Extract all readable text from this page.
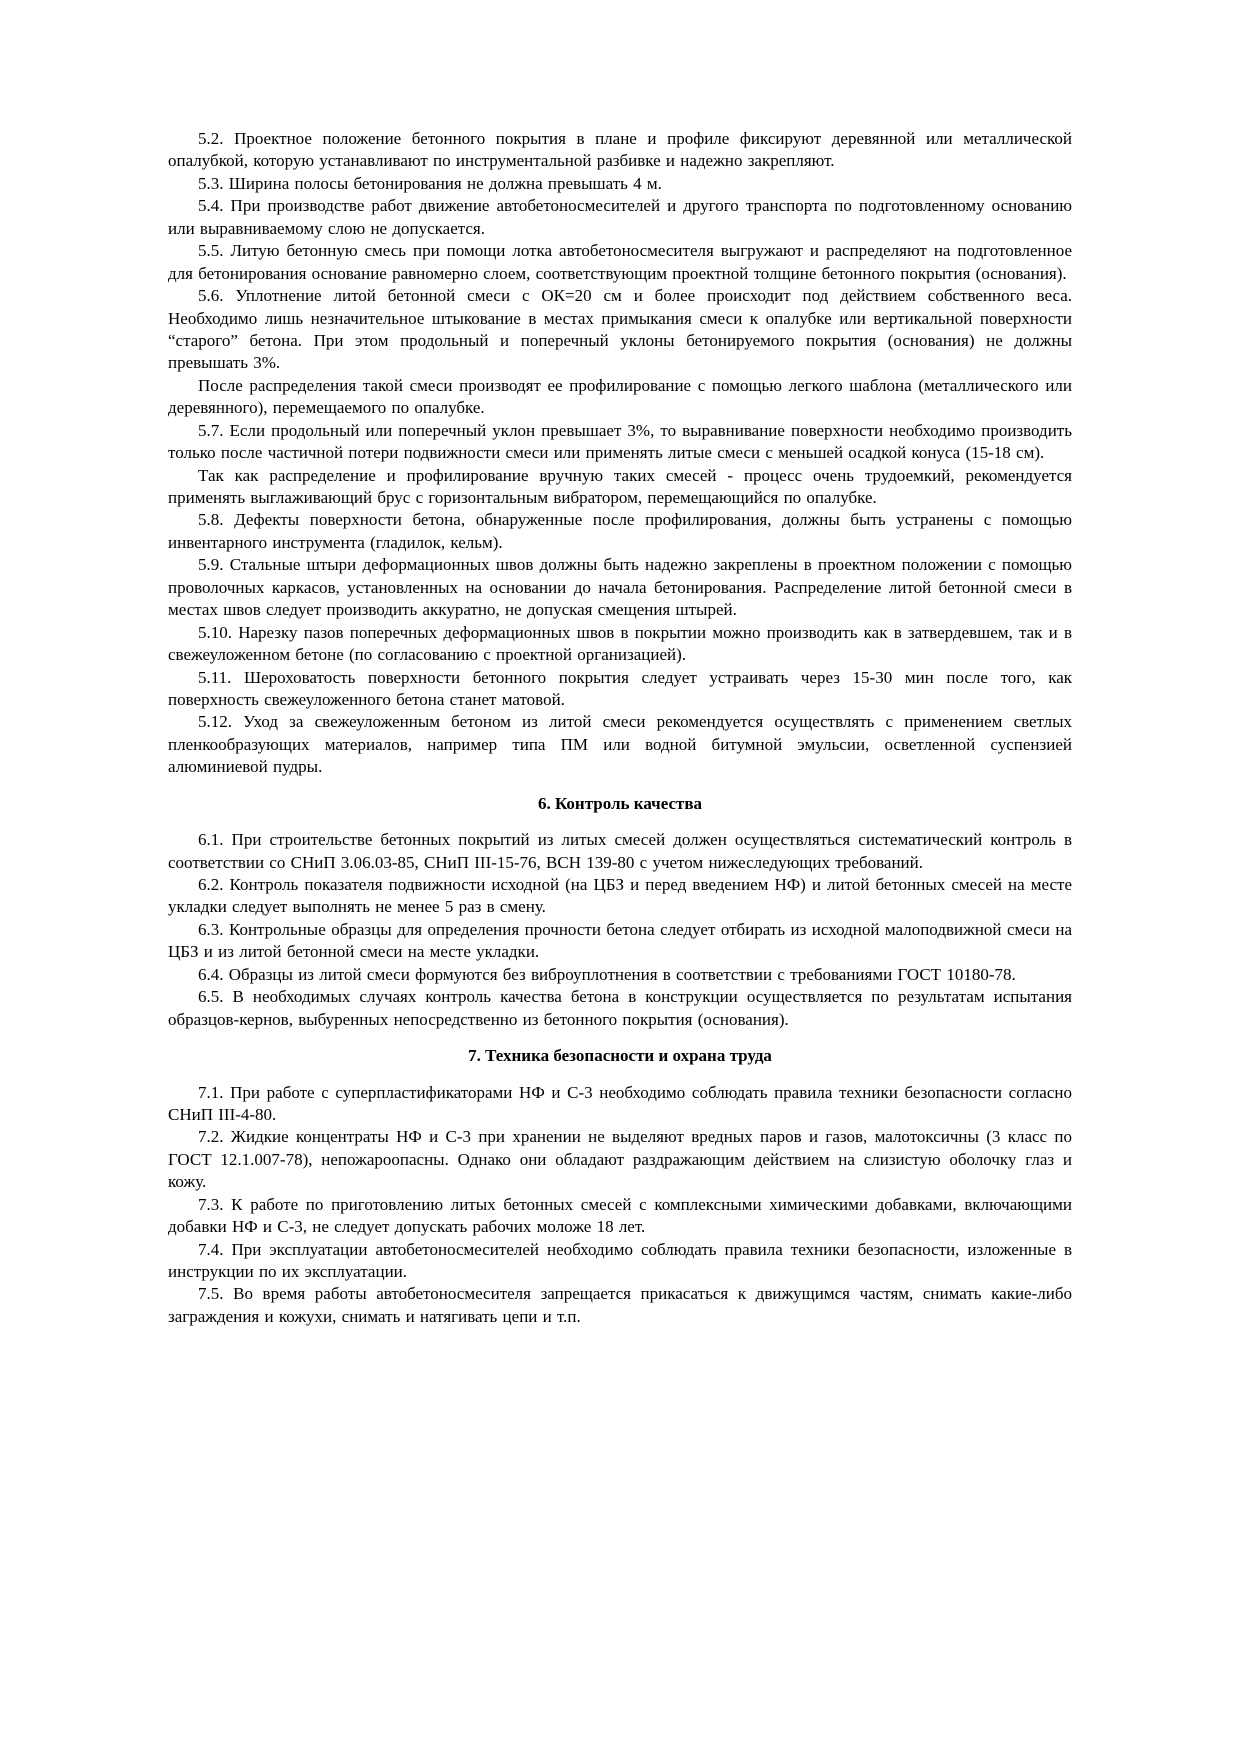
5.2. Проектное положение бетонного покрытия в плане и профиле фиксируют деревянной или металлической опалубкой, которую устанавливают по инструментальной разбивке и надежно закрепляют.

5.3. Ширина полосы бетонирования не должна превышать 4 м.

5.4. При производстве работ движение автобетоносмесителей и другого транспорта по подготовленному основанию или выравниваемому слою не допускается.

5.5. Литую бетонную смесь при помощи лотка автобетоносмесителя выгружают и распределяют на подготовленное для бетонирования основание равномерно слоем, соответствующим проектной толщине бетонного покрытия (основания).

5.6. Уплотнение литой бетонной смеси с ОК=20 см и более происходит под действием собственного веса. Необходимо лишь незначительное штыкование в местах примыкания смеси к опалубке или вертикальной поверхности “старого” бетона. При этом продольный и поперечный уклоны бетонируемого покрытия (основания) не должны превышать 3%.

После распределения такой смеси производят ее профилирование с помощью легкого шаблона (металлического или деревянного), перемещаемого по опалубке.

5.7. Если продольный или поперечный уклон превышает 3%, то выравнивание поверхности необходимо производить только после частичной потери подвижности смеси или применять литые смеси с меньшей осадкой конуса (15-18 см).

Так как распределение и профилирование вручную таких смесей - процесс очень трудоемкий, рекомендуется применять выглаживающий брус с горизонтальным вибратором, перемещающийся по опалубке.

5.8. Дефекты поверхности бетона, обнаруженные после профилирования, должны быть устранены с помощью инвентарного инструмента (гладилок, кельм).

5.9. Стальные штыри деформационных швов должны быть надежно закреплены в проектном положении с помощью проволочных каркасов, установленных на основании до начала бетонирования. Распределение литой бетонной смеси в местах швов следует производить аккуратно, не допуская смещения штырей.

5.10. Нарезку пазов поперечных деформационных швов в покрытии можно производить как в затвердевшем, так и в свежеуложенном бетоне (по согласованию с проектной организацией).

5.11. Шероховатость поверхности бетонного покрытия следует устраивать через 15-30 мин после того, как поверхность свежеуложенного бетона станет матовой.

5.12. Уход за свежеуложенным бетоном из литой смеси рекомендуется осуществлять с применением светлых пленкообразующих материалов, например типа ПМ или водной битумной эмульсии, осветленной суспензией алюминиевой пудры.

6. Контроль качества

6.1. При строительстве бетонных покрытий из литых смесей должен осуществляться систематический контроль в соответствии со СНиП 3.06.03-85, СНиП III-15-76, ВСН 139-80 с учетом нижеследующих требований.

6.2. Контроль показателя подвижности исходной (на ЦБЗ и перед введением НФ) и литой бетонных смесей на месте укладки следует выполнять не менее 5 раз в смену.

6.3. Контрольные образцы для определения прочности бетона следует отбирать из исходной малоподвижной смеси на ЦБЗ и из литой бетонной смеси на месте укладки.

6.4. Образцы из литой смеси формуются без виброуплотнения в соответствии с требованиями ГОСТ 10180-78.

6.5. В необходимых случаях контроль качества бетона в конструкции осуществляется по результатам испытания образцов-кернов, выбуренных непосредственно из бетонного покрытия (основания).

7. Техника безопасности и охрана труда

7.1. При работе с суперпластификаторами НФ и С-3 необходимо соблюдать правила техники безопасности согласно СНиП III-4-80.

7.2. Жидкие концентраты НФ и С-3 при хранении не выделяют вредных паров и газов, малотоксичны (3 класс по ГОСТ 12.1.007-78), непожароопасны. Однако они обладают раздражающим действием на слизистую оболочку глаз и кожу.

7.3. К работе по приготовлению литых бетонных смесей с комплексными химическими добавками, включающими добавки НФ и С-3, не следует допускать рабочих моложе 18 лет.

7.4. При эксплуатации автобетоносмесителей необходимо соблюдать правила техники безопасности, изложенные в инструкции по их эксплуатации.

7.5. Во время работы автобетоносмесителя запрещается прикасаться к движущимся частям, снимать какие-либо заграждения и кожухи, снимать и натягивать цепи и т.п.
